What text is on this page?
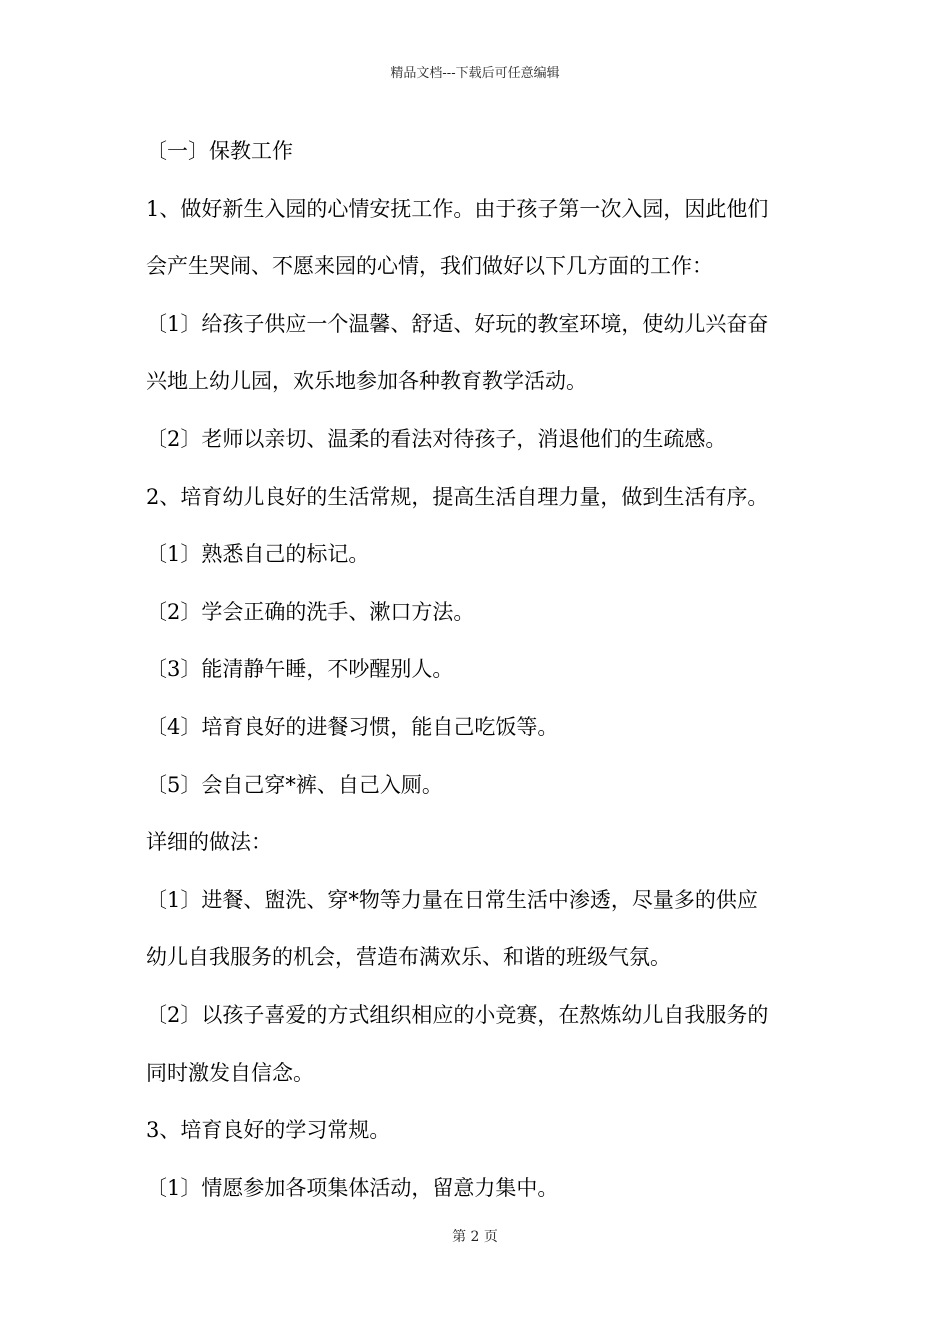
精品文档---下载后可任意编辑
〔一〕保教工作
1、做好新生入园的心情安抚工作。由于孩子第一次入园，因此他们
会产生哭闹、不愿来园的心情，我们做好以下几方面的工作：
〔1〕给孩子供应一个温馨、舒适、好玩的教室环境，使幼儿兴奋奋
兴地上幼儿园，欢乐地参加各种教育教学活动。
〔2〕老师以亲切、温柔的看法对待孩子，消退他们的生疏感。
2、培育幼儿良好的生活常规，提高生活自理力量，做到生活有序。
〔1〕熟悉自己的标记。
〔2〕学会正确的洗手、漱口方法。
〔3〕能清静午睡，不吵醒别人。
〔4〕培育良好的进餐习惯，能自己吃饭等。
〔5〕会自己穿*裤、自己入厕。
详细的做法：
〔1〕进餐、盥洗、穿*物等力量在日常生活中渗透，尽量多的供应
幼儿自我服务的机会，营造布满欢乐、和谐的班级气氛。
〔2〕以孩子喜爱的方式组织相应的小竞赛，在熬炼幼儿自我服务的
同时激发自信念。
3、培育良好的学习常规。
〔1〕情愿参加各项集体活动，留意力集中。
第 2 页
